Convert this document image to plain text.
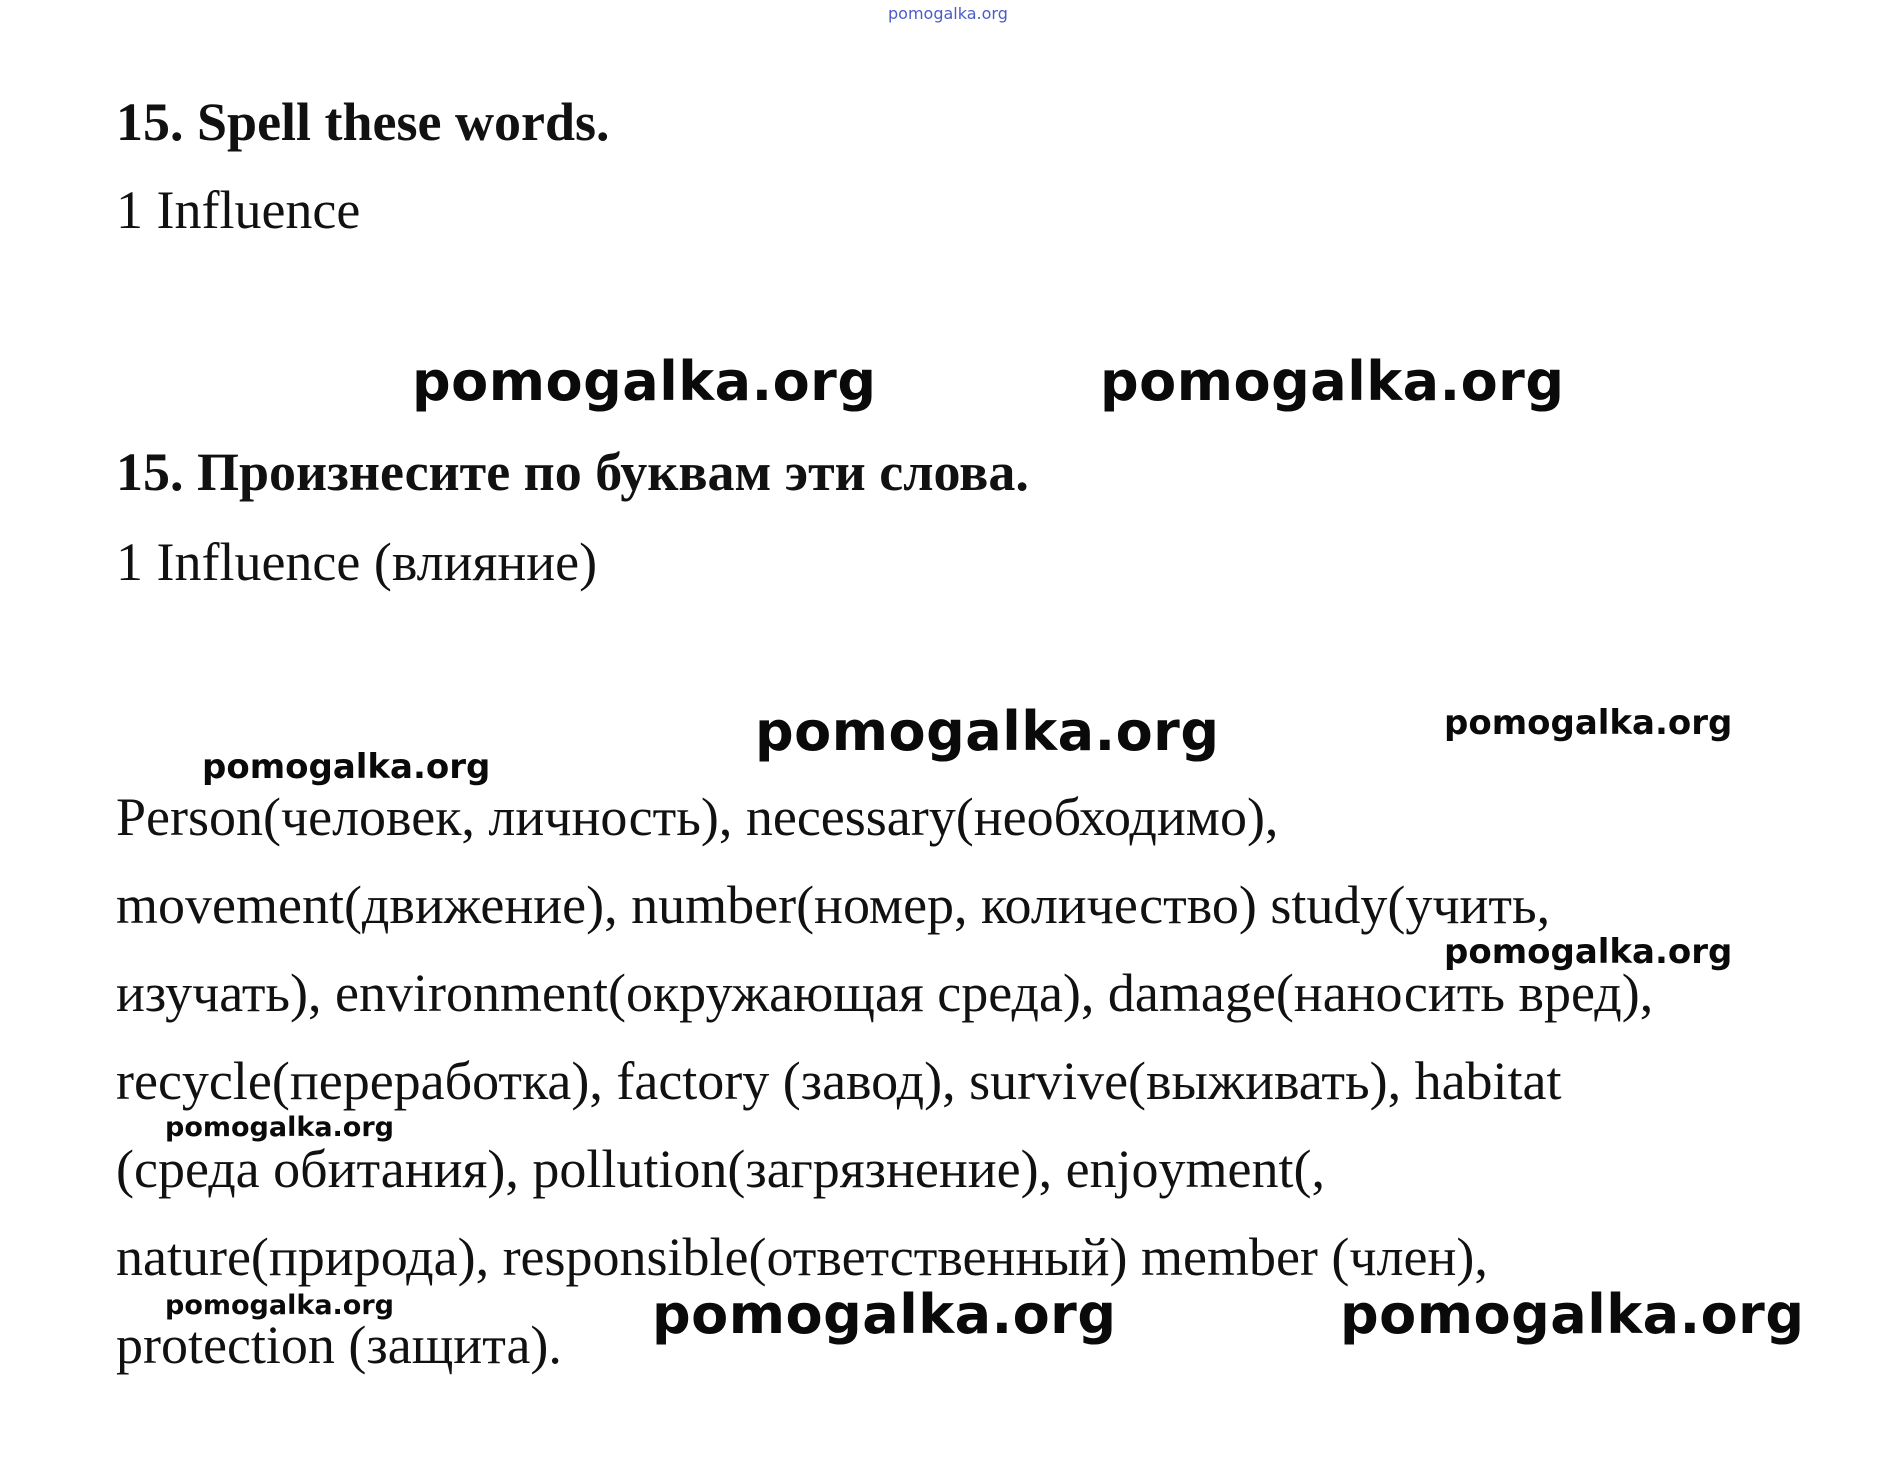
pomogalka.org
15. Spell these words.
1 Influence
pomogalka.org	pomogalka.org
15. Произнесите по буквам эти слова.
1 Influence (влияние)
pomogalka.org	pomogalka.org
pomogalka.org
Person(человек, личность), necessary(необходимо),
movement(движение), number(номер, количество) study(учить,
pomogalka.org
изучать), environment(окружающая среда), damage(наносить вред),
recycle(переработка), factory (завод), survive(выживать), habitat
pomogalka.org
(среда обитания), pollution(загрязнение), enjoyment(,
nature(природа), responsible(ответственный) member (член),
pomogalka.org	pomogalka.org	pomogalka.org
protection (защита).
